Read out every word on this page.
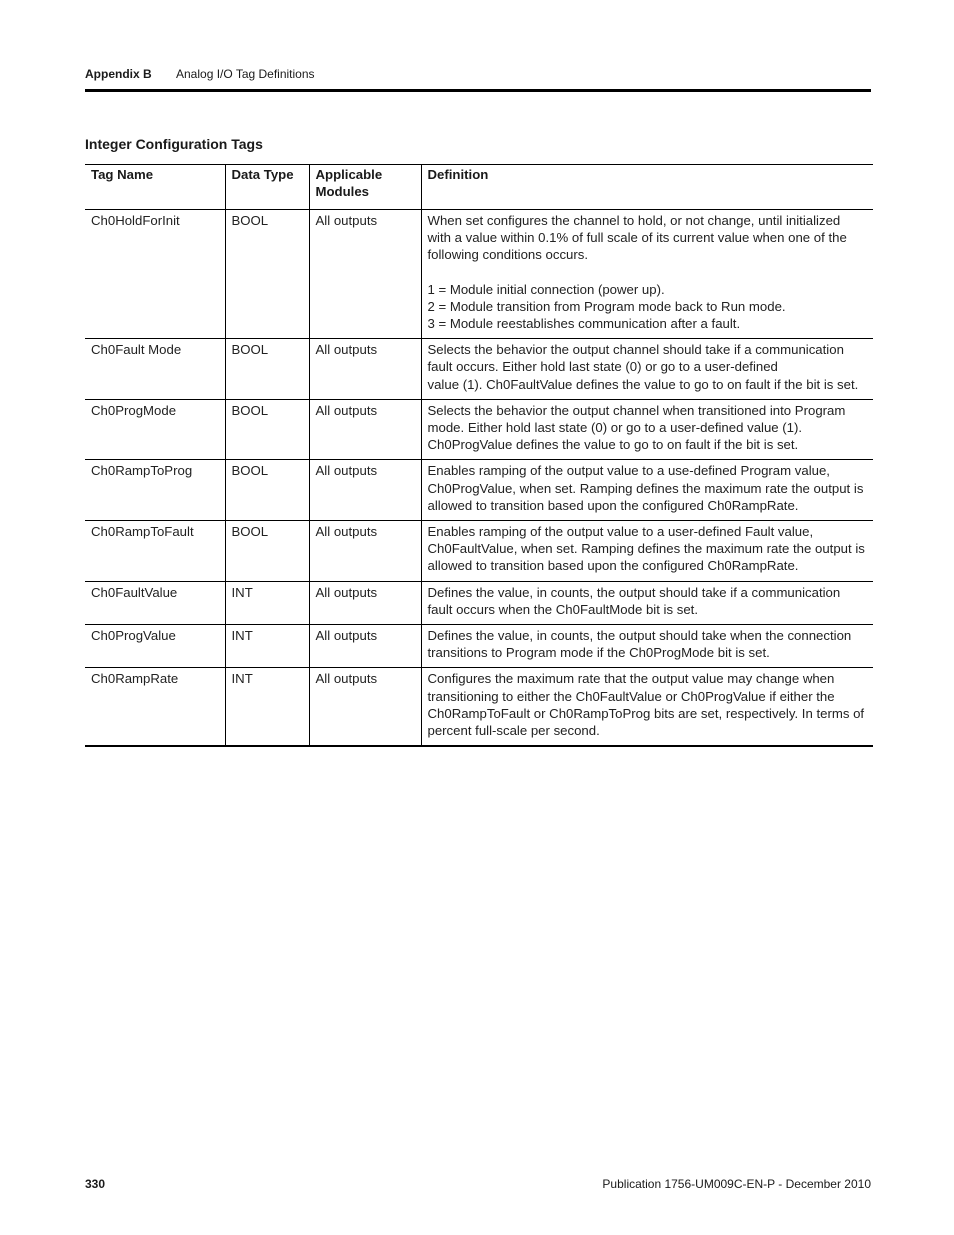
Appendix B Analog I/O Tag Definitions
Integer Configuration Tags
Tag Name	Data Type	Applicable Modules	Definition
Ch0HoldForInit	BOOL	All outputs	When set configures the channel to hold, or not change, until initialized with a value within 0.1% of full scale of its current value when one of the following conditions occurs.
1 = Module initial connection (power up).
2 = Module transition from Program mode back to Run mode.
3 = Module reestablishes communication after a fault.

Ch0Fault Mode	BOOL	All outputs	Selects the behavior the output channel should take if a communication fault occurs. Either hold last state (0) or go to a user-defined
value (1). Ch0FaultValue defines the value to go to on fault if the bit is set.

Ch0ProgMode	BOOL	All outputs	Selects the behavior the output channel when transitioned into Program mode. Either hold last state (0) or go to a user-defined value (1). Ch0ProgValue defines the value to go to on fault if the bit is set.

Ch0RampToProg	BOOL	All outputs	Enables ramping of the output value to a use-defined Program value, Ch0ProgValue, when set. Ramping defines the maximum rate the output is allowed to transition based upon the configured Ch0RampRate.

Ch0RampToFault	BOOL	All outputs	Enables ramping of the output value to a user-defined Fault value, Ch0FaultValue, when set. Ramping defines the maximum rate the output is allowed to transition based upon the configured Ch0RampRate.

Ch0FaultValue	INT	All outputs	Defines the value, in counts, the output should take if a communication fault occurs when the Ch0FaultMode bit is set.

Ch0ProgValue	INT	All outputs	Defines the value, in counts, the output should take when the connection transitions to Program mode if the Ch0ProgMode bit is set.

Ch0RampRate	INT	All outputs	Configures the maximum rate that the output value may change when transitioning to either the Ch0FaultValue or Ch0ProgValue if either the Ch0RampToFault or Ch0RampToProg bits are set, respectively. In terms of percent full-scale per second.
330	Publication 1756-UM009C-EN-P - December 2010
